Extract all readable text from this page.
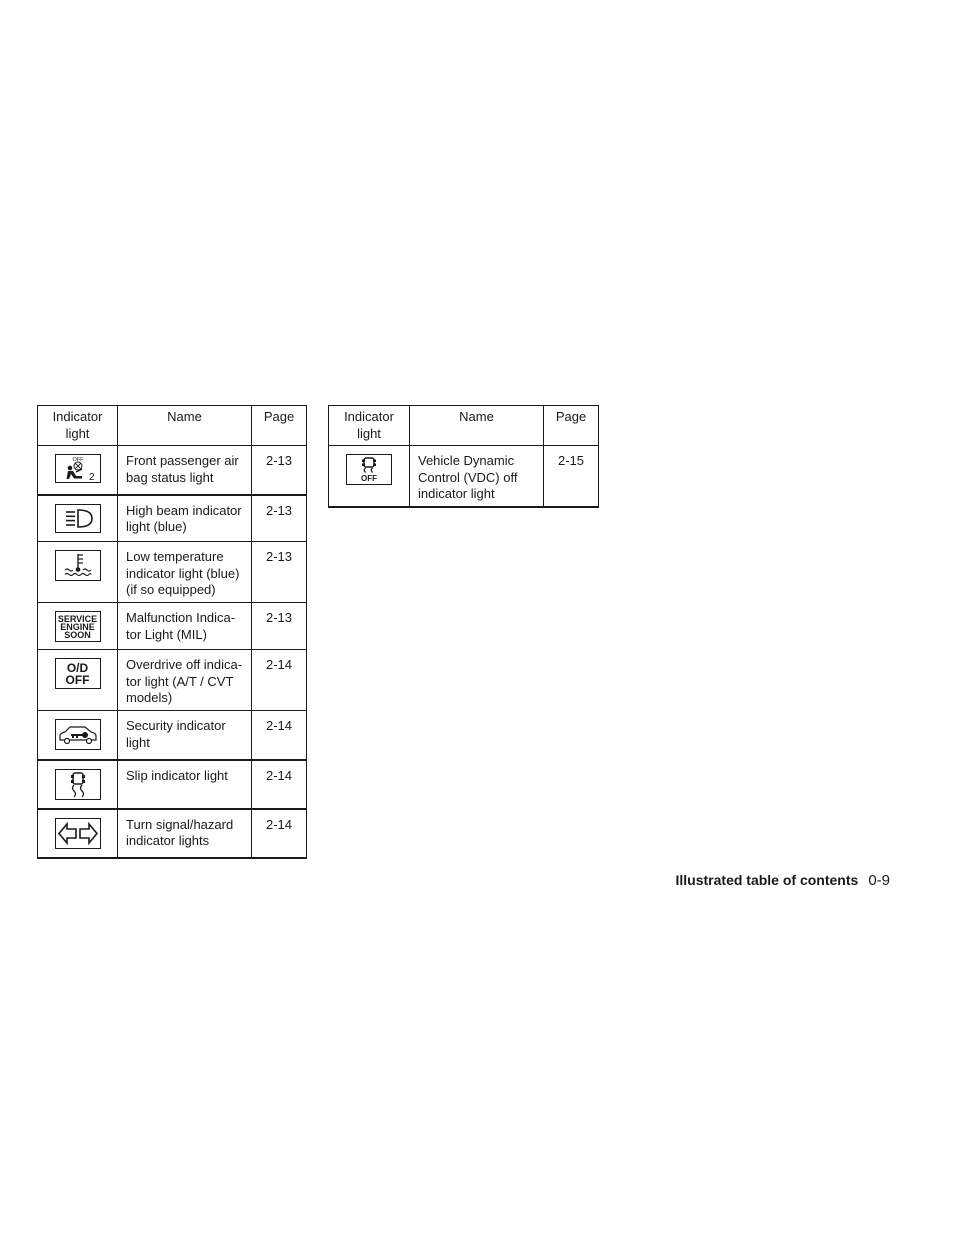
Indicator light	Name	Page

OFF
2	Front passenger air bag status light	2-13

	High beam indicator light (blue)	2-13

	Low temperature indicator light (blue) (if so equipped)	2-13

SERVICE
ENGINE
SOON	Malfunction Indica-tor Light (MIL)	2-13

O/D
OFF	Overdrive off indica-tor light (A/T / CVT models)	2-14

	Security indicator light	2-14

	Slip indicator light	2-14

	Turn signal/hazard indicator lights	2-14
Indicator light	Name	Page

OFF	Vehicle Dynamic Control (VDC) off indicator light	2-15
Illustrated table of contents 0-9
